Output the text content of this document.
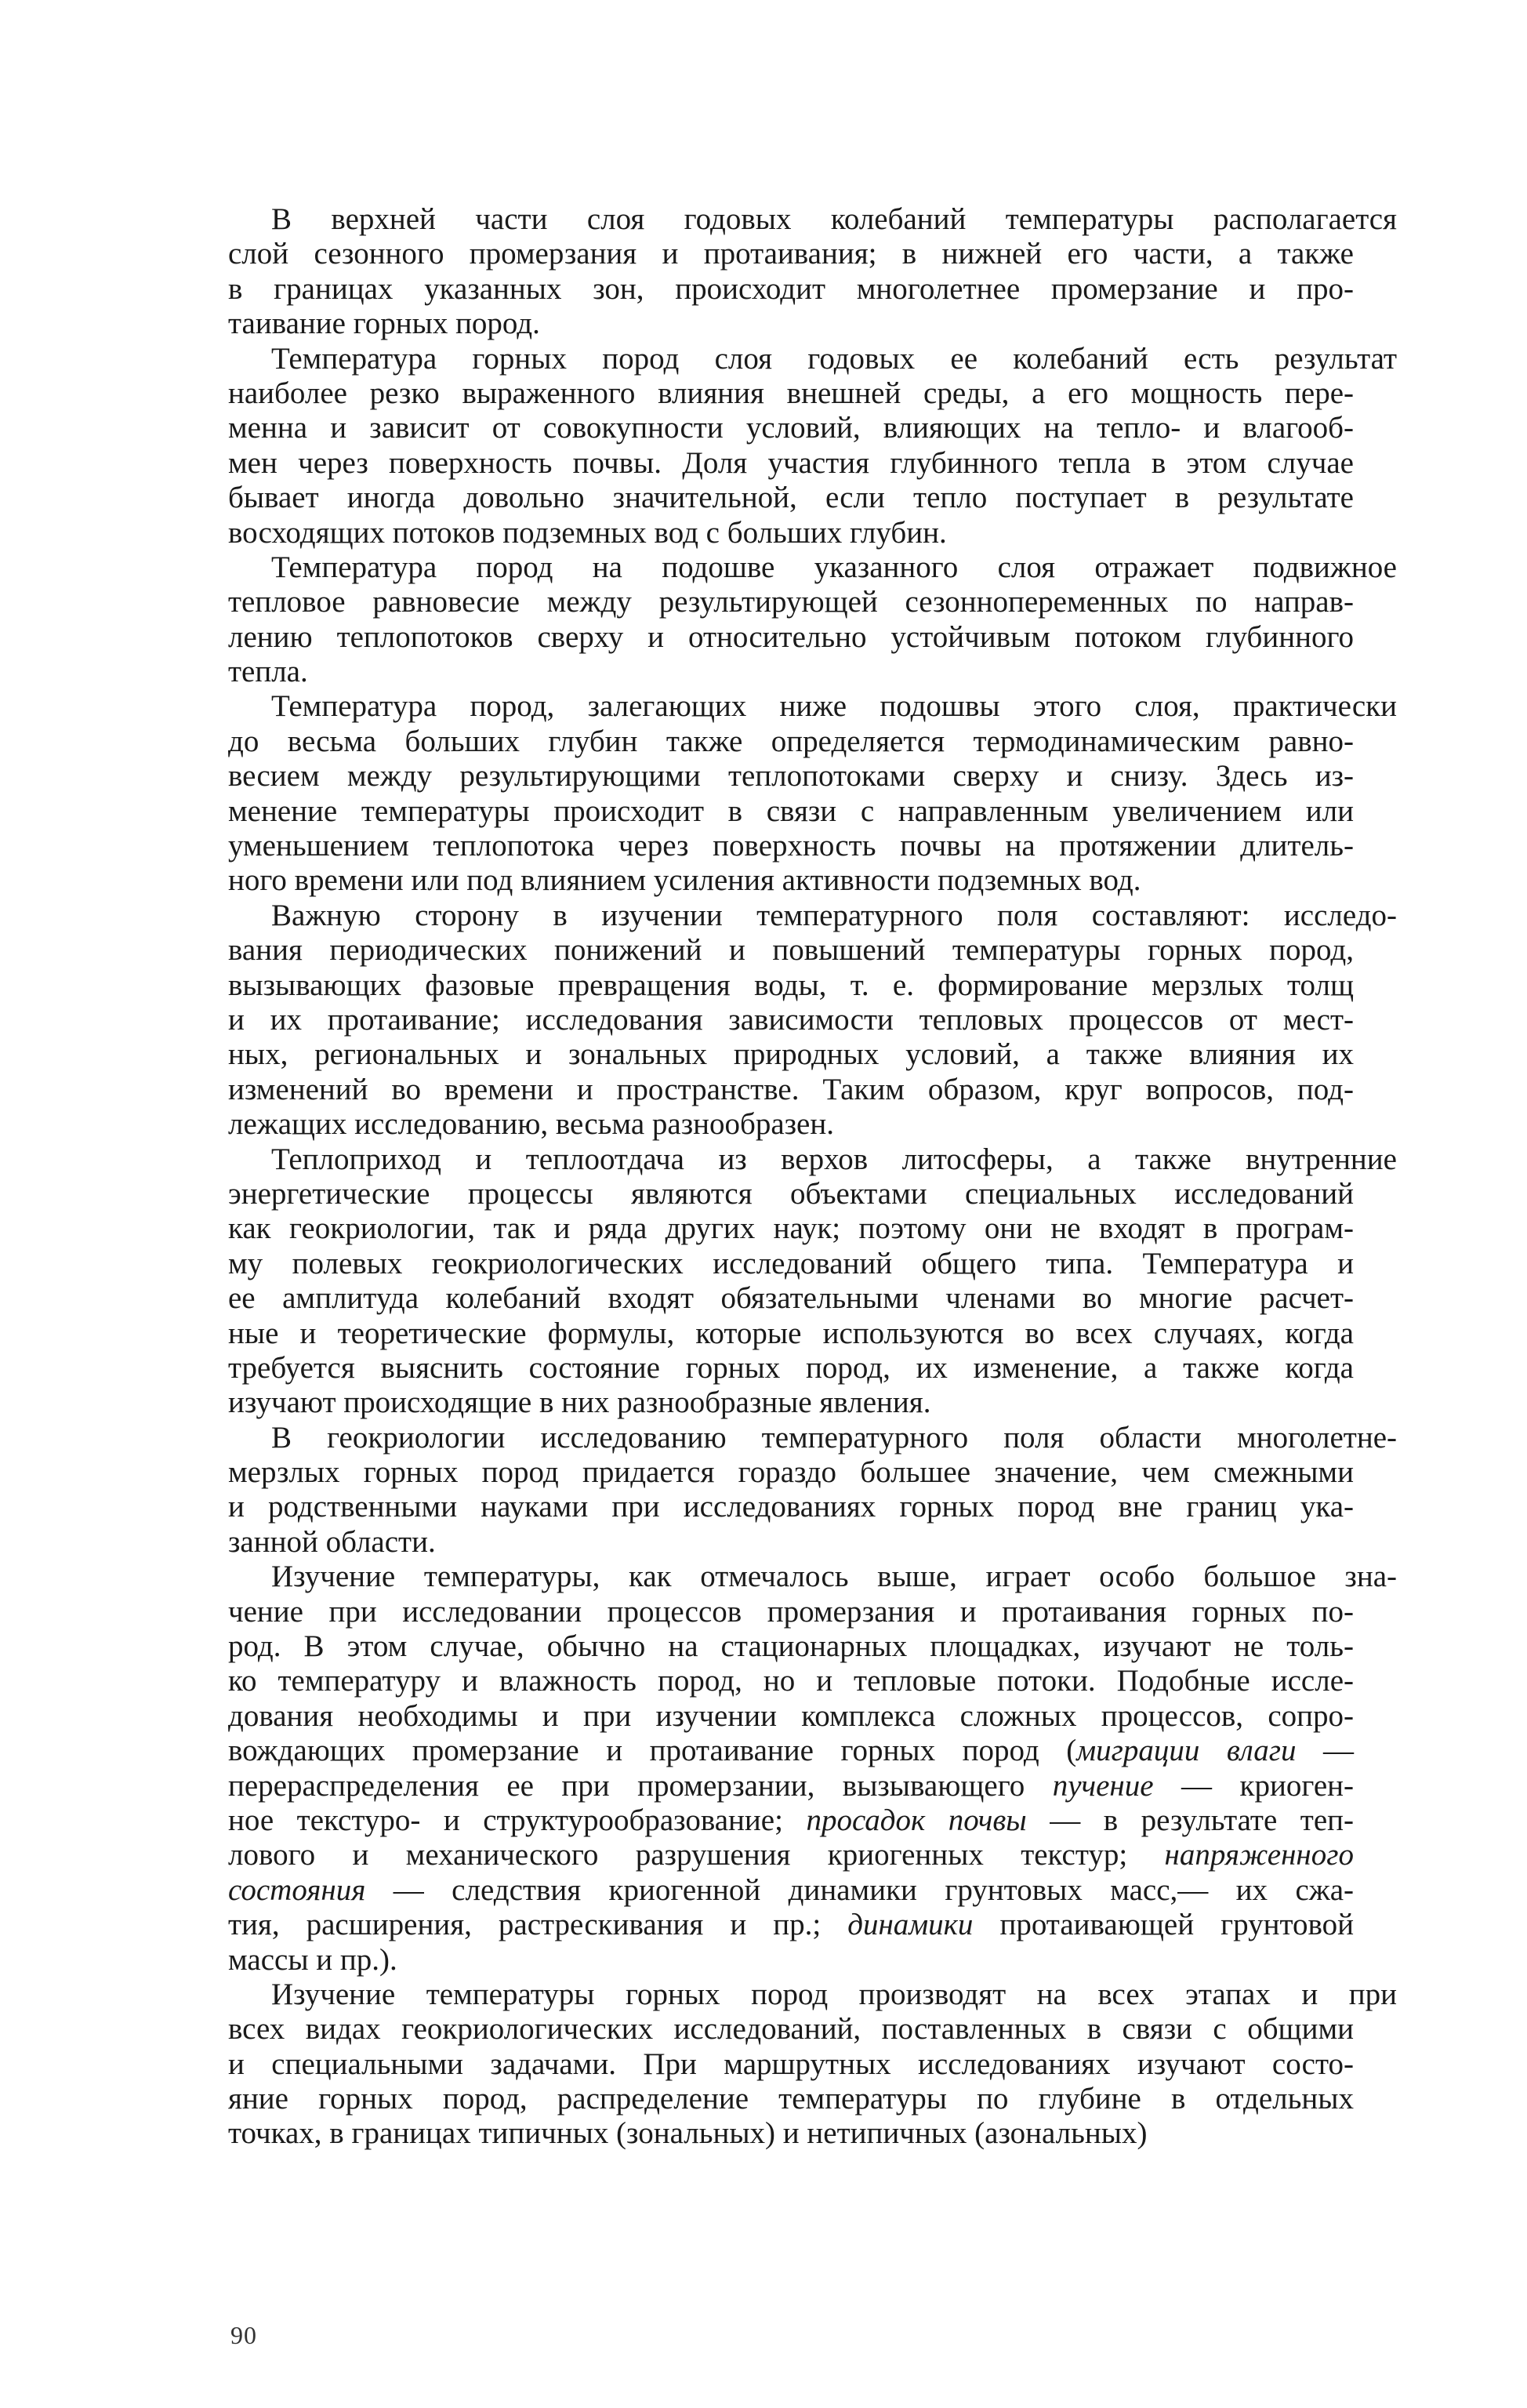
В верхней части слоя годовых колебаний температуры располагается
слой сезонного промерзания и протаивания; в нижней его части, а также
в границах указанных зон, происходит многолетнее промерзание и про-
таивание горных пород.
Температура горных пород слоя годовых ее колебаний есть результат
наиболее резко выраженного влияния внешней среды, а его мощность пере-
менна и зависит от совокупности условий, влияющих на тепло- и влагооб-
мен через поверхность почвы. Доля участия глубинного тепла в этом случае
бывает иногда довольно значительной, если тепло поступает в результате
восходящих потоков подземных вод с больших глубин.
Температура пород на подошве указанного слоя отражает подвижное
тепловое равновесие между результирующей сезоннопеременных по направ-
лению теплопотоков сверху и относительно устойчивым потоком глубинного
тепла.
Температура пород, залегающих ниже подошвы этого слоя, практически
до весьма больших глубин также определяется термодинамическим равно-
весием между результирующими теплопотоками сверху и снизу. Здесь из-
менение температуры происходит в связи с направленным увеличением или
уменьшением теплопотока через поверхность почвы на протяжении длитель-
ного времени или под влиянием усиления активности подземных вод.
Важную сторону в изучении температурного поля составляют: исследо-
вания периодических понижений и повышений температуры горных пород,
вызывающих фазовые превращения воды, т. е. формирование мерзлых толщ
и их протаивание; исследования зависимости тепловых процессов от мест-
ных, региональных и зональных природных условий, а также влияния их
изменений во времени и пространстве. Таким образом, круг вопросов, под-
лежащих исследованию, весьма разнообразен.
Теплоприход и теплоотдача из верхов литосферы, а также внутренние
энергетические процессы являются объектами специальных исследований
как геокриологии, так и ряда других наук; поэтому они не входят в програм-
му полевых геокриологических исследований общего типа. Температура и
ее амплитуда колебаний входят обязательными членами во многие расчет-
ные и теоретические формулы, которые используются во всех случаях, когда
требуется выяснить состояние горных пород, их изменение, а также когда
изучают происходящие в них разнообразные явления.
В геокриологии исследованию температурного поля области многолетне-
мерзлых горных пород придается гораздо большее значение, чем смежными
и родственными науками при исследованиях горных пород вне границ ука-
занной области.
Изучение температуры, как отмечалось выше, играет особо большое зна-
чение при исследовании процессов промерзания и протаивания горных по-
род. В этом случае, обычно на стационарных площадках, изучают не толь-
ко температуру и влажность пород, но и тепловые потоки. Подобные иссле-
дования необходимы и при изучении комплекса сложных процессов, сопро-
вождающих промерзание и протаивание горных пород (миграции влаги —
перераспределения ее при промерзании, вызывающего пучение — криоген-
ное текстуро- и структурообразование; просадок почвы — в результате теп-
лового и механического разрушения криогенных текстур; напряженного
состояния — следствия криогенной динамики грунтовых масс,— их сжа-
тия, расширения, растрескивания и пр.; динамики протаивающей грунтовой
массы и пр.).
Изучение температуры горных пород производят на всех этапах и при
всех видах геокриологических исследований, поставленных в связи с общими
и специальными задачами. При маршрутных исследованиях изучают состо-
яние горных пород, распределение температуры по глубине в отдельных
точках, в границах типичных (зональных) и нетипичных (азональных)
90
